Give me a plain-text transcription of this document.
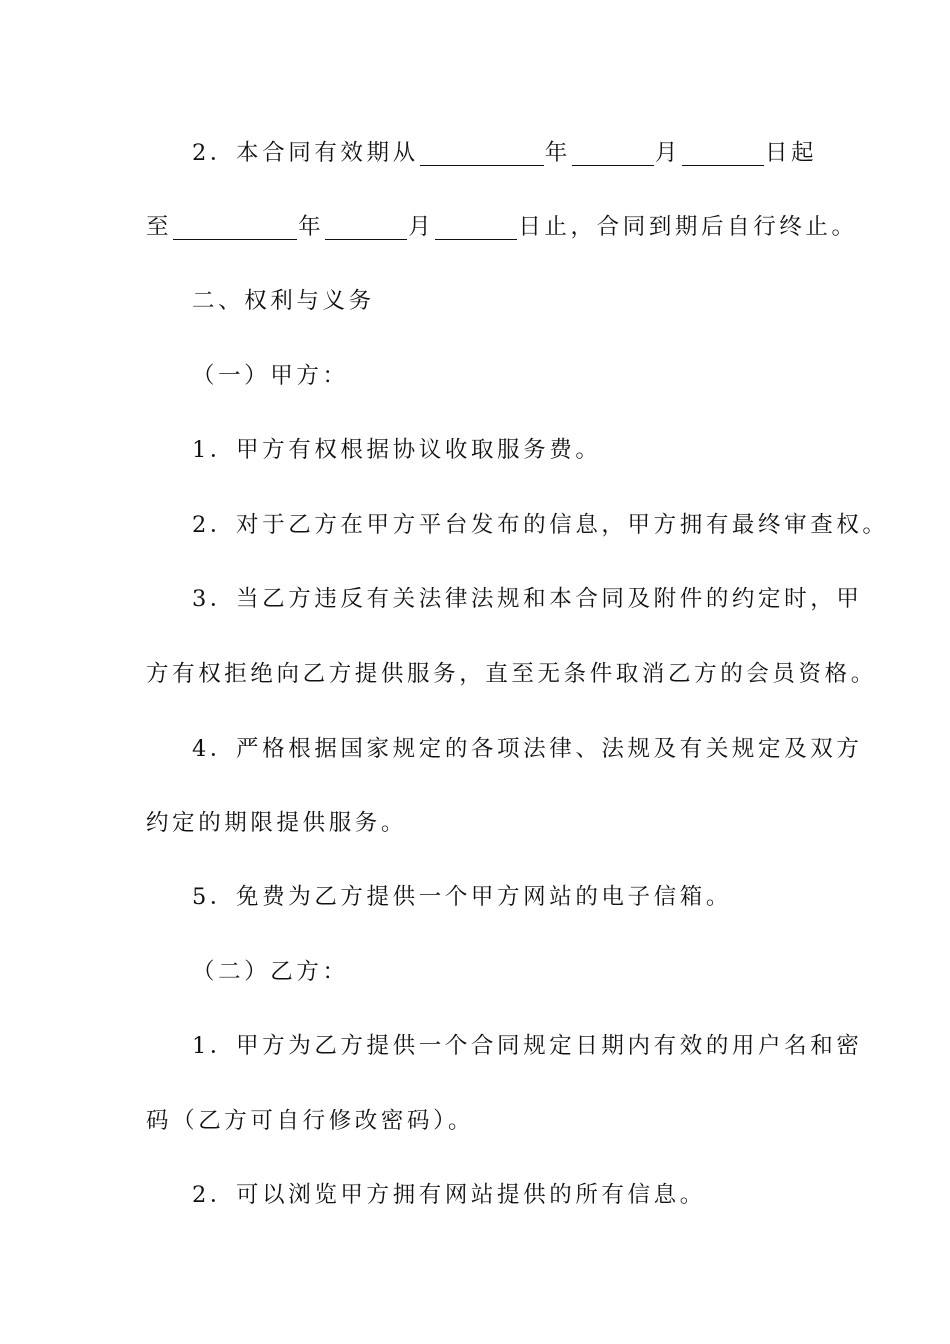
2．本合同有效期从	年	月	日起
至	年	月	日止，合同到期后自行终止。
二、权利与义务
（一）甲方：
1．甲方有权根据协议收取服务费。
2．对于乙方在甲方平台发布的信息，甲方拥有最终审查权。
3．当乙方违反有关法律法规和本合同及附件的约定时，甲
方有权拒绝向乙方提供服务，直至无条件取消乙方的会员资格。
4．严格根据国家规定的各项法律、法规及有关规定及双方
约定的期限提供服务。
5．免费为乙方提供一个甲方网站的电子信箱。
（二）乙方：
1．甲方为乙方提供一个合同规定日期内有效的用户名和密
码（乙方可自行修改密码）。
2．可以浏览甲方拥有网站提供的所有信息。
